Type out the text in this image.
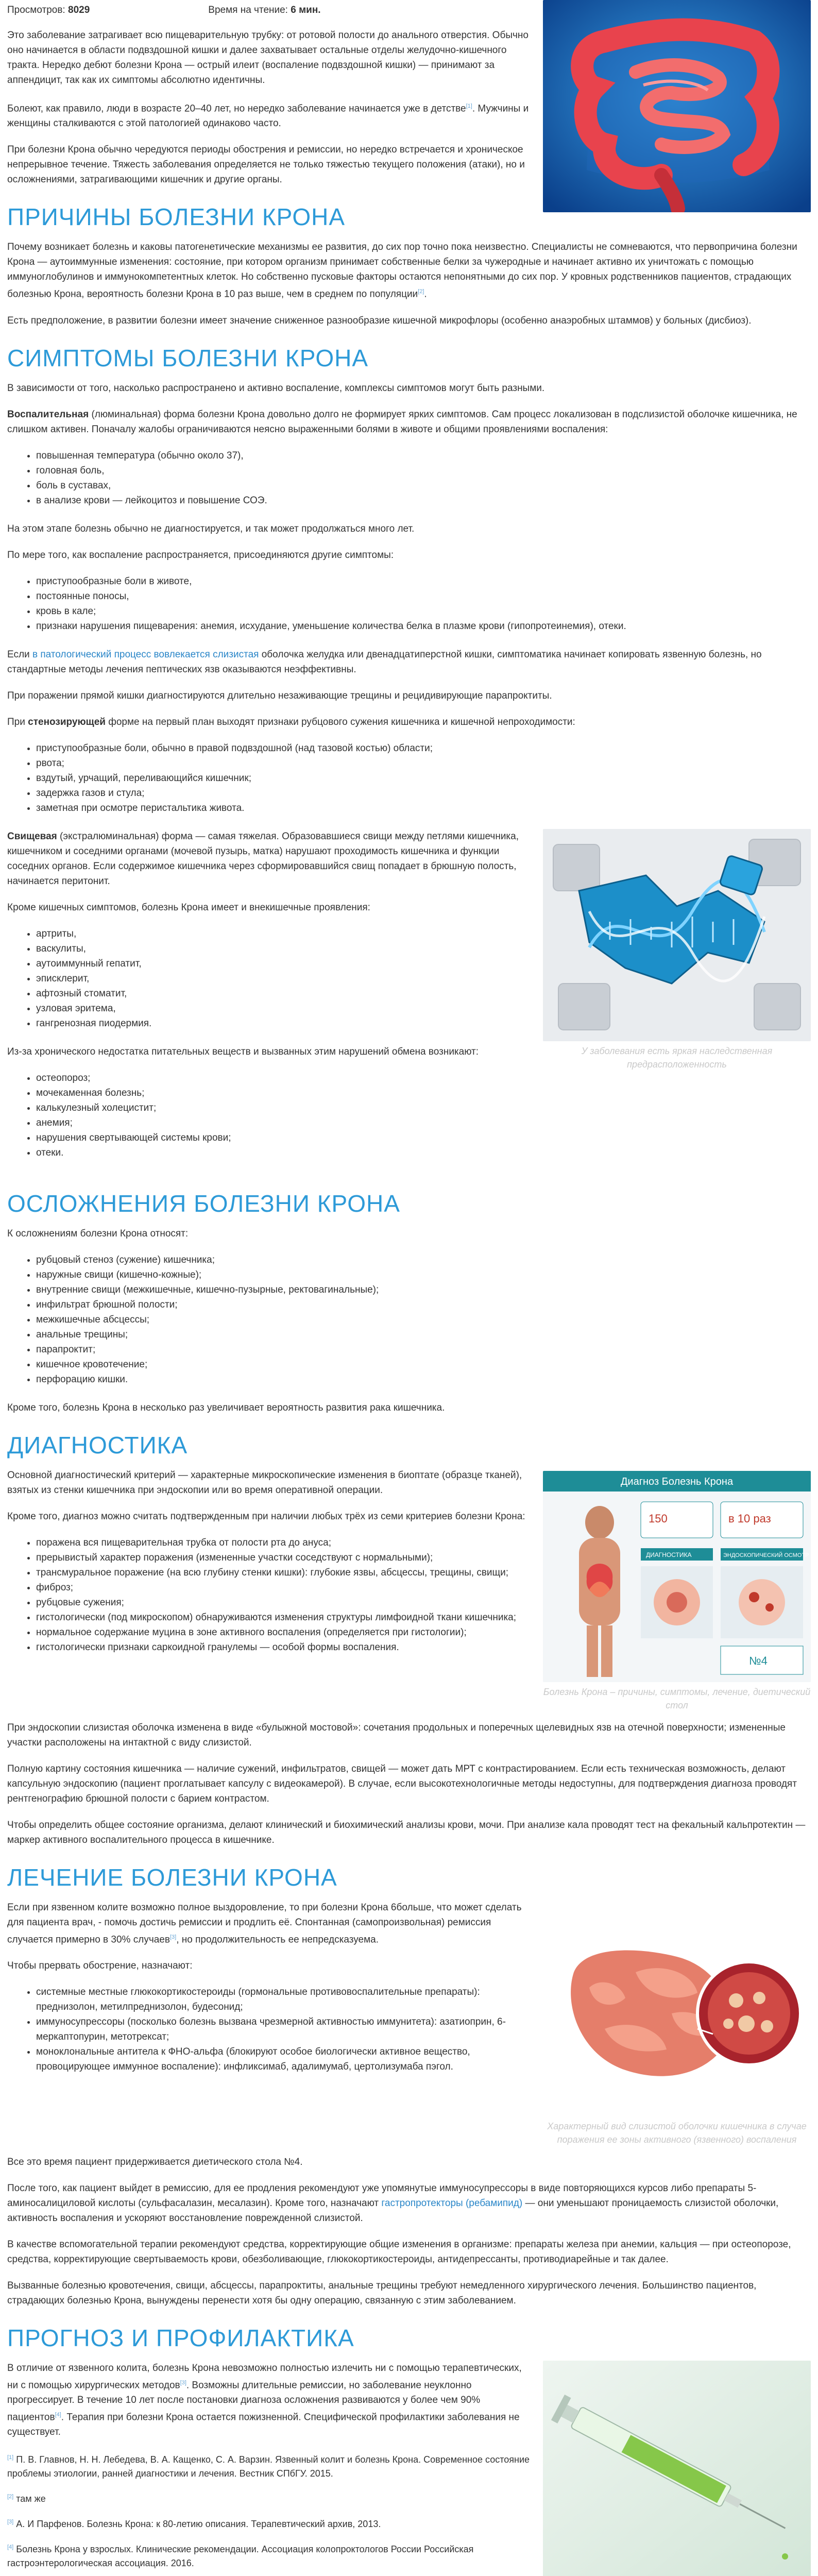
Просмотров: 8029	Время на чтение: 6 мин.

Это заболевание затрагивает всю пищеварительную трубку: от ротовой полости до анального отверстия. Обычно оно начинается в области подвздошной кишки и далее захватывает остальные отделы желудочно-кишечного тракта. Нередко дебют болезни Крона — острый илеит (воспаление подвздошной кишки) — принимают за аппендицит, так как их симптомы абсолютно идентичны.

Болеют, как правило, люди в возрасте 20–40 лет, но нередко заболевание начинается уже в детстве[1]. Мужчины и женщины сталкиваются с этой патологией одинаково часто.

При болезни Крона обычно чередуются периоды обострения и ремиссии, но нередко встречается и хроническое непрерывное течение. Тяжесть заболевания определяется не только тяжестью текущего положения (атаки), но и осложнениями, затрагивающими кишечник и другие органы.

ПРИЧИНЫ БОЛЕЗНИ КРОНА

Почему возникает болезнь и каковы патогенетические механизмы ее развития, до сих пор точно пока неизвестно. Специалисты не сомневаются, что первопричина болезни Крона — аутоиммунные изменения: состояние, при котором организм принимает собственные белки за чужеродные и начинает активно их уничтожать с помощью иммуноглобулинов и иммунокомпетентных клеток. Но собственно пусковые факторы остаются непонятными до сих пор. У кровных родственников пациентов, страдающих болезнью Крона, вероятность болезни Крона в 10 раз выше, чем в среднем по популяции[2].

Есть предположение, в развитии болезни имеет значение сниженное разнообразие кишечной микрофлоры (особенно анаэробных штаммов) у больных (дисбиоз).

СИМПТОМЫ БОЛЕЗНИ КРОНА

В зависимости от того, насколько распространено и активно воспаление, комплексы симптомов могут быть разными.

Воспалительная (люминальная) форма болезни Крона довольно долго не формирует ярких симптомов. Сам процесс локализован в подслизистой оболочке кишечника, не слишком активен. Поначалу жалобы ограничиваются неясно выраженными болями в животе и общими проявлениями воспаления:

• повышенная температура (обычно около 37),
• головная боль,
• боль в суставах,
• в анализе крови — лейкоцитоз и повышение СОЭ.

На этом этапе болезнь обычно не диагностируется, и так может продолжаться много лет.

По мере того, как воспаление распространяется, присоединяются другие симптомы:

• приступообразные боли в животе,
• постоянные поносы,
• кровь в кале;
• признаки нарушения пищеварения: анемия, исхудание, уменьшение количества белка в плазме крови (гипопротеинемия), отеки.

Если в патологический процесс вовлекается слизистая оболочка желудка или двенадцатиперстной кишки, симптоматика начинает копировать язвенную болезнь, но стандартные методы лечения пептических язв оказываются неэффективны.

При поражении прямой кишки диагностируются длительно незаживающие трещины и рецидивирующие парапроктиты.

При стенозирующей форме на первый план выходят признаки рубцового сужения кишечника и кишечной непроходимости:

• приступообразные боли, обычно в правой подвздошной (над тазовой костью) области;
• рвота;
• вздутый, урчащий, переливающийся кишечник;
• задержка газов и стула;
• заметная при осмотре перистальтика живота.
У заболевания есть яркая наследственная предрасположенность

Свищевая (экстралюминальная) форма — самая тяжелая. Образовавшиеся свищи между петлями кишечника, кишечником и соседними органами (мочевой пузырь, матка) нарушают проходимость кишечника и функции соседних органов. Если содержимое кишечника через сформировавшийся свищ попадает в брюшную полость, начинается перитонит.

Кроме кишечных симптомов, болезнь Крона имеет и внекишечные проявления:

• артриты,
• васкулиты,
• аутоиммунный гепатит,
• эписклерит,
• афтозный стоматит,
• узловая эритема,
• гангренозная пиодермия.

Из-за хронического недостатка питательных веществ и вызванных этим нарушений обмена возникают:

• остеопороз;
• мочекаменная болезнь;
• калькулезный холецистит;
• анемия;
• нарушения свертывающей системы крови;
• отеки.
ОСЛОЖНЕНИЯ БОЛЕЗНИ КРОНА

К осложнениям болезни Крона относят:

• рубцовый стеноз (сужение) кишечника;
• наружные свищи (кишечно-кожные);
• внутренние свищи (межкишечные, кишечно-пузырные, ректовагинальные);
• инфильтрат брюшной полости;
• межкишечные абсцессы;
• анальные трещины;
• парапроктит;
• кишечное кровотечение;
• перфорацию кишки.

Кроме того, болезнь Крона в несколько раз увеличивает вероятность развития рака кишечника.

ДИАГНОСТИКА
Диагноз Болезнь Крона
150	в 10 раз
ДИАГНОСТИКА	ЭНДОСКОПИЧЕСКИЙ ОСМОТР
№4
Болезнь Крона – причины, симптомы, лечение, диетический стол

Основной диагностический критерий — характерные микроскопические изменения в биоптате (образце тканей), взятых из стенки кишечника при эндоскопии или во время оперативной операции.

Кроме того, диагноз можно считать подтвержденным при наличии любых трёх из семи критериев болезни Крона:

• поражена вся пищеварительная трубка от полости рта до ануса;
• прерывистый характер поражения (измененные участки соседствуют с нормальными);
• трансмуральное поражение (на всю глубину стенки кишки): глубокие язвы, абсцессы, трещины, свищи;
• фиброз;
• рубцовые сужения;
• гистологически (под микроскопом) обнаруживаются изменения структуры лимфоидной ткани кишечника;
• нормальное содержание муцина в зоне активного воспаления (определяется при гистологии);
• гистологически признаки саркоидной гранулемы — особой формы воспаления.

При эндоскопии слизистая оболочка изменена в виде «булыжной мостовой»: сочетания продольных и поперечных щелевидных язв на отечной поверхности; измененные участки расположены на интактной с виду слизистой.

Полную картину состояния кишечника — наличие сужений, инфильтратов, свищей — может дать МРТ с контрастированием. Если есть техническая возможность, делают капсульную эндоскопию (пациент проглатывает капсулу с видеокамерой). В случае, если высокотехнологичные методы недоступны, для подтверждения диагноза проводят рентгенографию брюшной полости с барием контрастом.

Чтобы определить общее состояние организма, делают клинический и биохимический анализы крови, мочи. При анализе кала проводят тест на фекальный кальпротектин — маркер активного воспалительного процесса в кишечнике.

ЛЕЧЕНИЕ БОЛЕЗНИ КРОНА
Характерный вид слизистой оболочки кишечника в случае поражения ее зоны активного (язвенного) воспаления

Если при язвенном колите возможно полное выздоровление, то при болезни Крона 6больше, что может сделать для пациента врач, - помочь достичь ремиссии и продлить её. Спонтанная (самопроизвольная) ремиссия случается примерно в 30% случаев[3], но продолжительность ее непредсказуема.

Чтобы прервать обострение, назначают:

• системные местные глюкокортикостероиды (гормональные противовоспалительные препараты): преднизолон, метилпреднизолон, будесонид;
• иммуносупрессоры (посколько болезнь вызвана чрезмерной активностью иммунитета): азатиоприн, 6-меркаптопурин, метотрексат;
• моноклональные антитела к ФНО-альфа (блокируют особое биологически активное вещество, провоцирующее иммунное воспаление): инфликсимаб, адалимумаб, цертолизумаба пэгол.

Все это время пациент придерживается диетического стола №4.

После того, как пациент выйдет в ремиссию, для ее продления рекомендуют уже упомянутые иммуносупрессоры в виде повторяющихся курсов либо препараты 5-аминосалициловой кислоты (сульфасалазин, месалазин). Кроме того, назначают гастропротекторы (ребамипид) — они уменьшают проницаемость слизистой оболочки, активность воспаления и ускоряют восстановление поврежденной слизистой.

В качестве вспомогательной терапии рекомендуют средства, корректирующие общие изменения в организме: препараты железа при анемии, кальция — при остеопорозе, средства, корректирующие свертываемость крови, обезболивающие, глюкокортикостероиды, антидепрессанты, противодиарейные и так далее.

Вызванные болезнью кровотечения, свищи, абсцессы, парапроктиты, анальные трещины требуют немедленного хирургического лечения. Большинство пациентов, страдающих болезнью Крона, вынуждены перенести хотя бы одну операцию, связанную с этим заболеванием.

ПРОГНОЗ И ПРОФИЛАКТИКА

В отличие от язвенного колита, болезнь Крона невозможно полностью излечить ни с помощью терапевтических, ни с помощью хирургических методов[3]. Возможны длительные ремиссии, но заболевание неуклонно прогрессирует. В течение 10 лет после постановки диагноза осложнения развиваются у более чем 90% пациентов[4]. Терапия при болезни Крона остается пожизненной. Специфической профилактики заболевания не существует.

[1] П. В. Главнов, Н. Н. Лебедева, В. А. Кащенко, С. А. Варзин. Язвенный колит и болезнь Крона. Современное состояние проблемы этиологии, ранней диагностики и лечения. Вестник СПбГУ. 2015.

[2] там же

[3] А. И Парфенов. Болезнь Крона: к 80-летию описания. Терапевтический архив, 2013.

[4] Болезнь Крона у взрослых. Клинические рекомендации. Ассоциация колопроктологов России Российская гастроэнтерологическая ассоциация. 2016.
